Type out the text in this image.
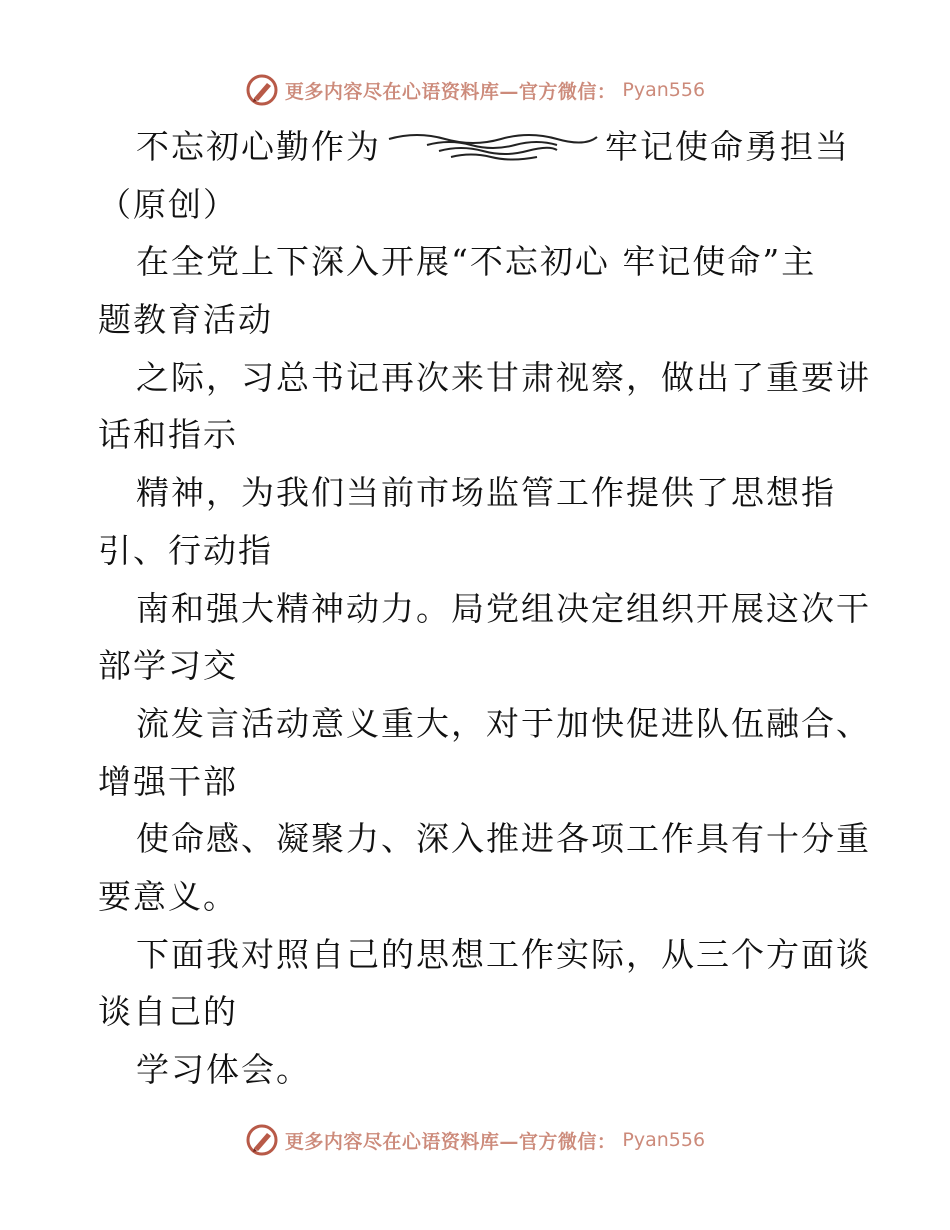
更多内容尽在心语资料库—官方微信： Pyan556
不忘初心勤作为	牢记使命勇担当
（原创）
在全党上下深入开展“不忘初心 牢记使命”主
题教育活动
之际，习总书记再次来甘肃视察，做出了重要讲
话和指示
精神，为我们当前市场监管工作提供了思想指
引、行动指
南和强大精神动力。局党组决定组织开展这次干
部学习交
流发言活动意义重大，对于加快促进队伍融合、
增强干部
使命感、凝聚力、深入推进各项工作具有十分重
要意义。
下面我对照自己的思想工作实际，从三个方面谈
谈自己的
学习体会。
更多内容尽在心语资料库—官方微信： Pyan556
